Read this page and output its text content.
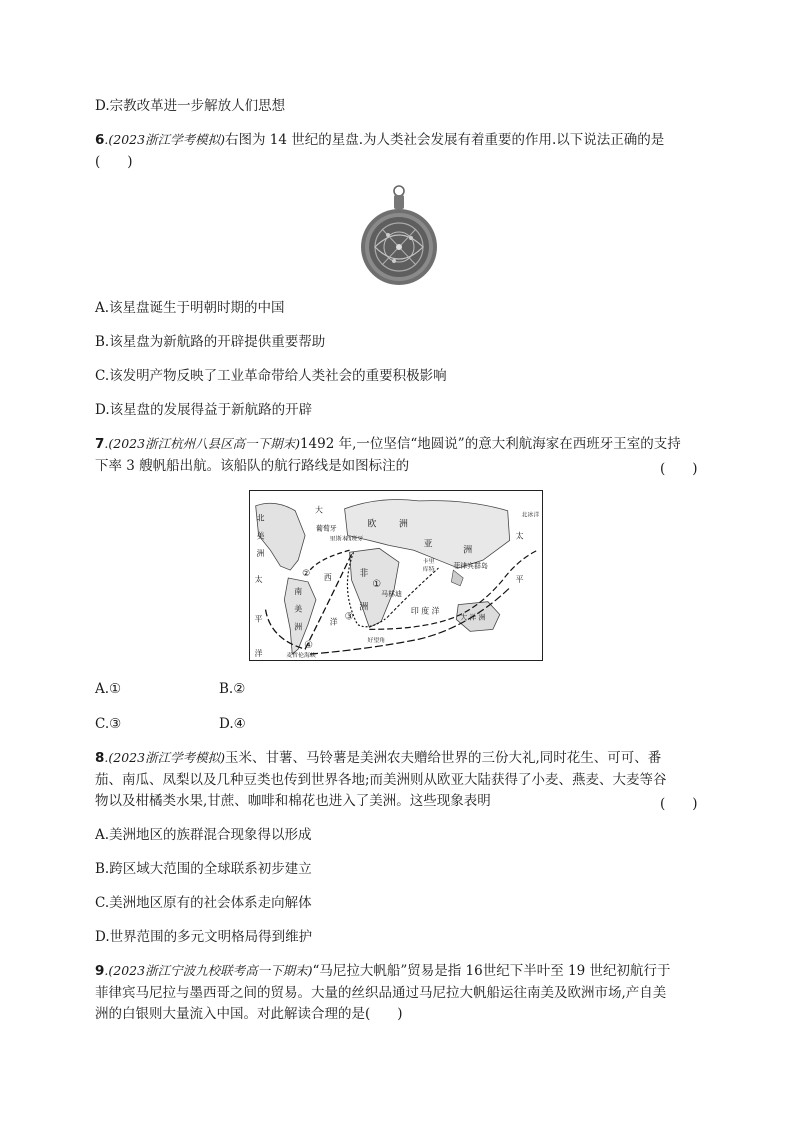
D.宗教改革进一步解放人们思想
6.(2023浙江学考模拟)右图为 14 世纪的星盘.为人类社会发展有着重要的作用.以下说法正确的是
(　　)
A.该星盘诞生于明朝时期的中国
B.该星盘为新航路的开辟提供重要帮助
C.该发明产物反映了工业革命带给人类社会的重要积极影响
D.该星盘的发展得益于新航路的开辟
7.(2023浙江杭州八县区高一下期末)1492 年,一位坚信“地圆说”的意大利航海家在西班牙王室的支持
下率 3 艘帆船出航。该船队的航行路线是如图标注的	(　　)
北
美
洲
大
太
平
洋
西
洋
南
美
洲
葡萄牙
里斯本
西班牙
欧	洲
亚
洲
非
洲
卡里
库特
马林迪
菲律宾群岛
印 度 洋
大 洋 洲
好望角
麦哲伦海峡
太
平
北冰洋
②
①
③
④
A.①	B.②
C.③	D.④
8.(2023浙江学考模拟)玉米、甘薯、马铃薯是美洲农夫赠给世界的三份大礼,同时花生、可可、番
茄、南瓜、凤梨以及几种豆类也传到世界各地;而美洲则从欧亚大陆获得了小麦、燕麦、大麦等谷
物以及柑橘类水果,甘蔗、咖啡和棉花也进入了美洲。这些现象表明	(　　)
A.美洲地区的族群混合现象得以形成
B.跨区域大范围的全球联系初步建立
C.美洲地区原有的社会体系走向解体
D.世界范围的多元文明格局得到维护
9.(2023浙江宁波九校联考高一下期末)“马尼拉大帆船”贸易是指 16世纪下半叶至 19 世纪初航行于
菲律宾马尼拉与墨西哥之间的贸易。大量的丝织品通过马尼拉大帆船运往南美及欧洲市场,产自美
洲的白银则大量流入中国。对此解读合理的是(　　)
